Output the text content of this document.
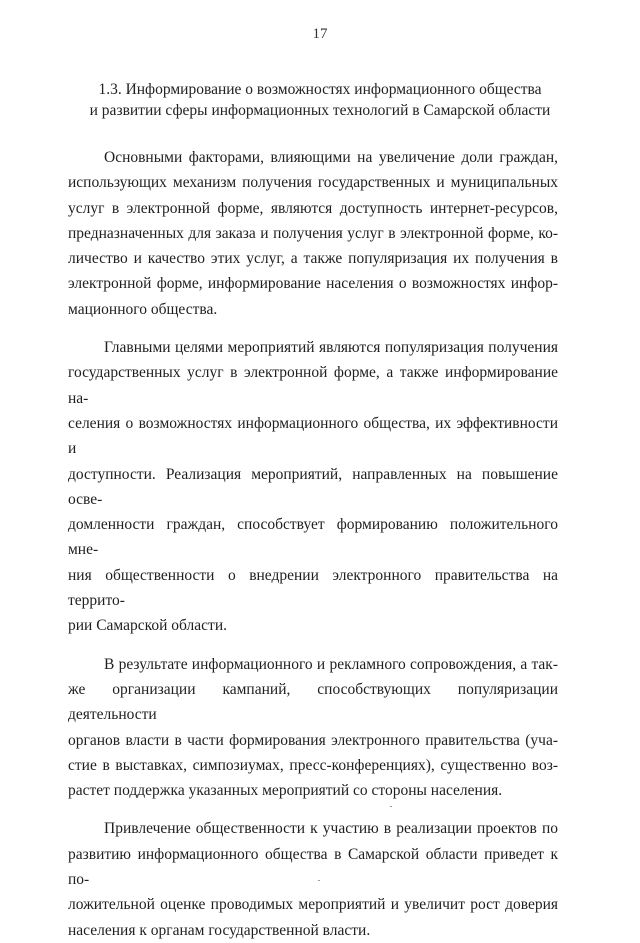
17
1.3. Информирование о возможностях информационного общества
и развитии сферы информационных технологий в Самарской области
Основными факторами, влияющими на увеличение доли граждан,
использующих механизм получения государственных и муниципальных
услуг в электронной форме, являются доступность интернет-ресурсов,
предназначенных для заказа и получения услуг в электронной форме, ко-
личество и качество этих услуг, а также популяризация их получения в
электронной форме, информирование населения о возможностях инфор-
мационного общества.
Главными целями мероприятий являются популяризация получения
государственных услуг в электронной форме, а также информирование на-
селения о возможностях информационного общества, их эффективности и
доступности. Реализация мероприятий, направленных на повышение осве-
домленности граждан, способствует формированию положительного мне-
ния общественности о внедрении электронного правительства на террито-
рии Самарской области.
В результате информационного и рекламного сопровождения, а так-
же организации кампаний, способствующих популяризации деятельности
органов власти в части формирования электронного правительства (уча-
стие в выставках, симпозиумах, пресс-конференциях), существенно воз-
растет поддержка указанных мероприятий со стороны населения.
Привлечение общественности к участию в реализации проектов по
развитию информационного общества в Самарской области приведет к по-
ложительной оценке проводимых мероприятий и увеличит рост доверия
населения к органам государственной власти.
